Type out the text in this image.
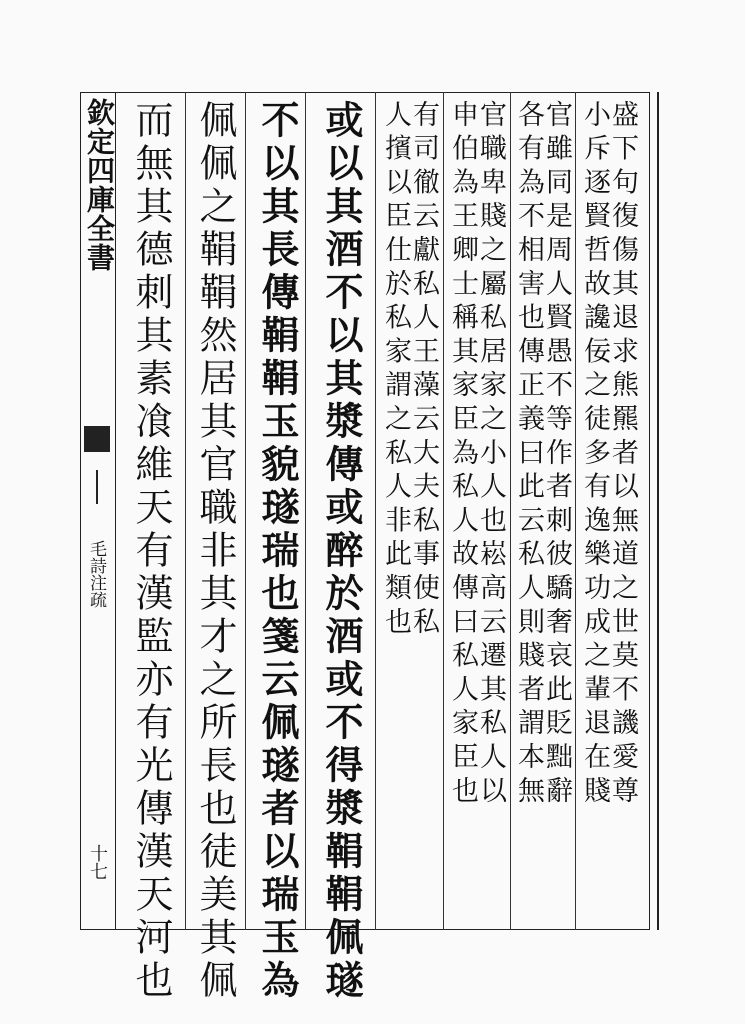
欽定四庫全書
毛詩注疏
十七 而無其德刺其素飡維天有漢監亦有光傳漢天河也 佩佩之鞙鞙然居其官職非其才之所長也徒美其佩 不以其長傳鞙鞙玉貌璲瑞也箋云佩璲者以瑞玉為 或以其酒不以其漿傳或醉於酒或不得漿鞙鞙佩璲 人擯以臣仕於私家謂之私人非此類也
有司徹云獻私人王藻云大夫私事使私 申伯為王卿士稱其家臣為私人故傳曰私人家臣也
官職卑賤之屬私居家之小人也崧高云遷其私人以 各有為不相害也傳正義曰此云私人則賤者謂本無
官雖同是周人賢愚不等作者刺彼驕奢哀此貶黜辭 小斥逐賢哲故讒佞之徒多有逸樂功成之輩退在賤
盛下句復傷其退求熊羆者以無道之世莫不譏愛尊
